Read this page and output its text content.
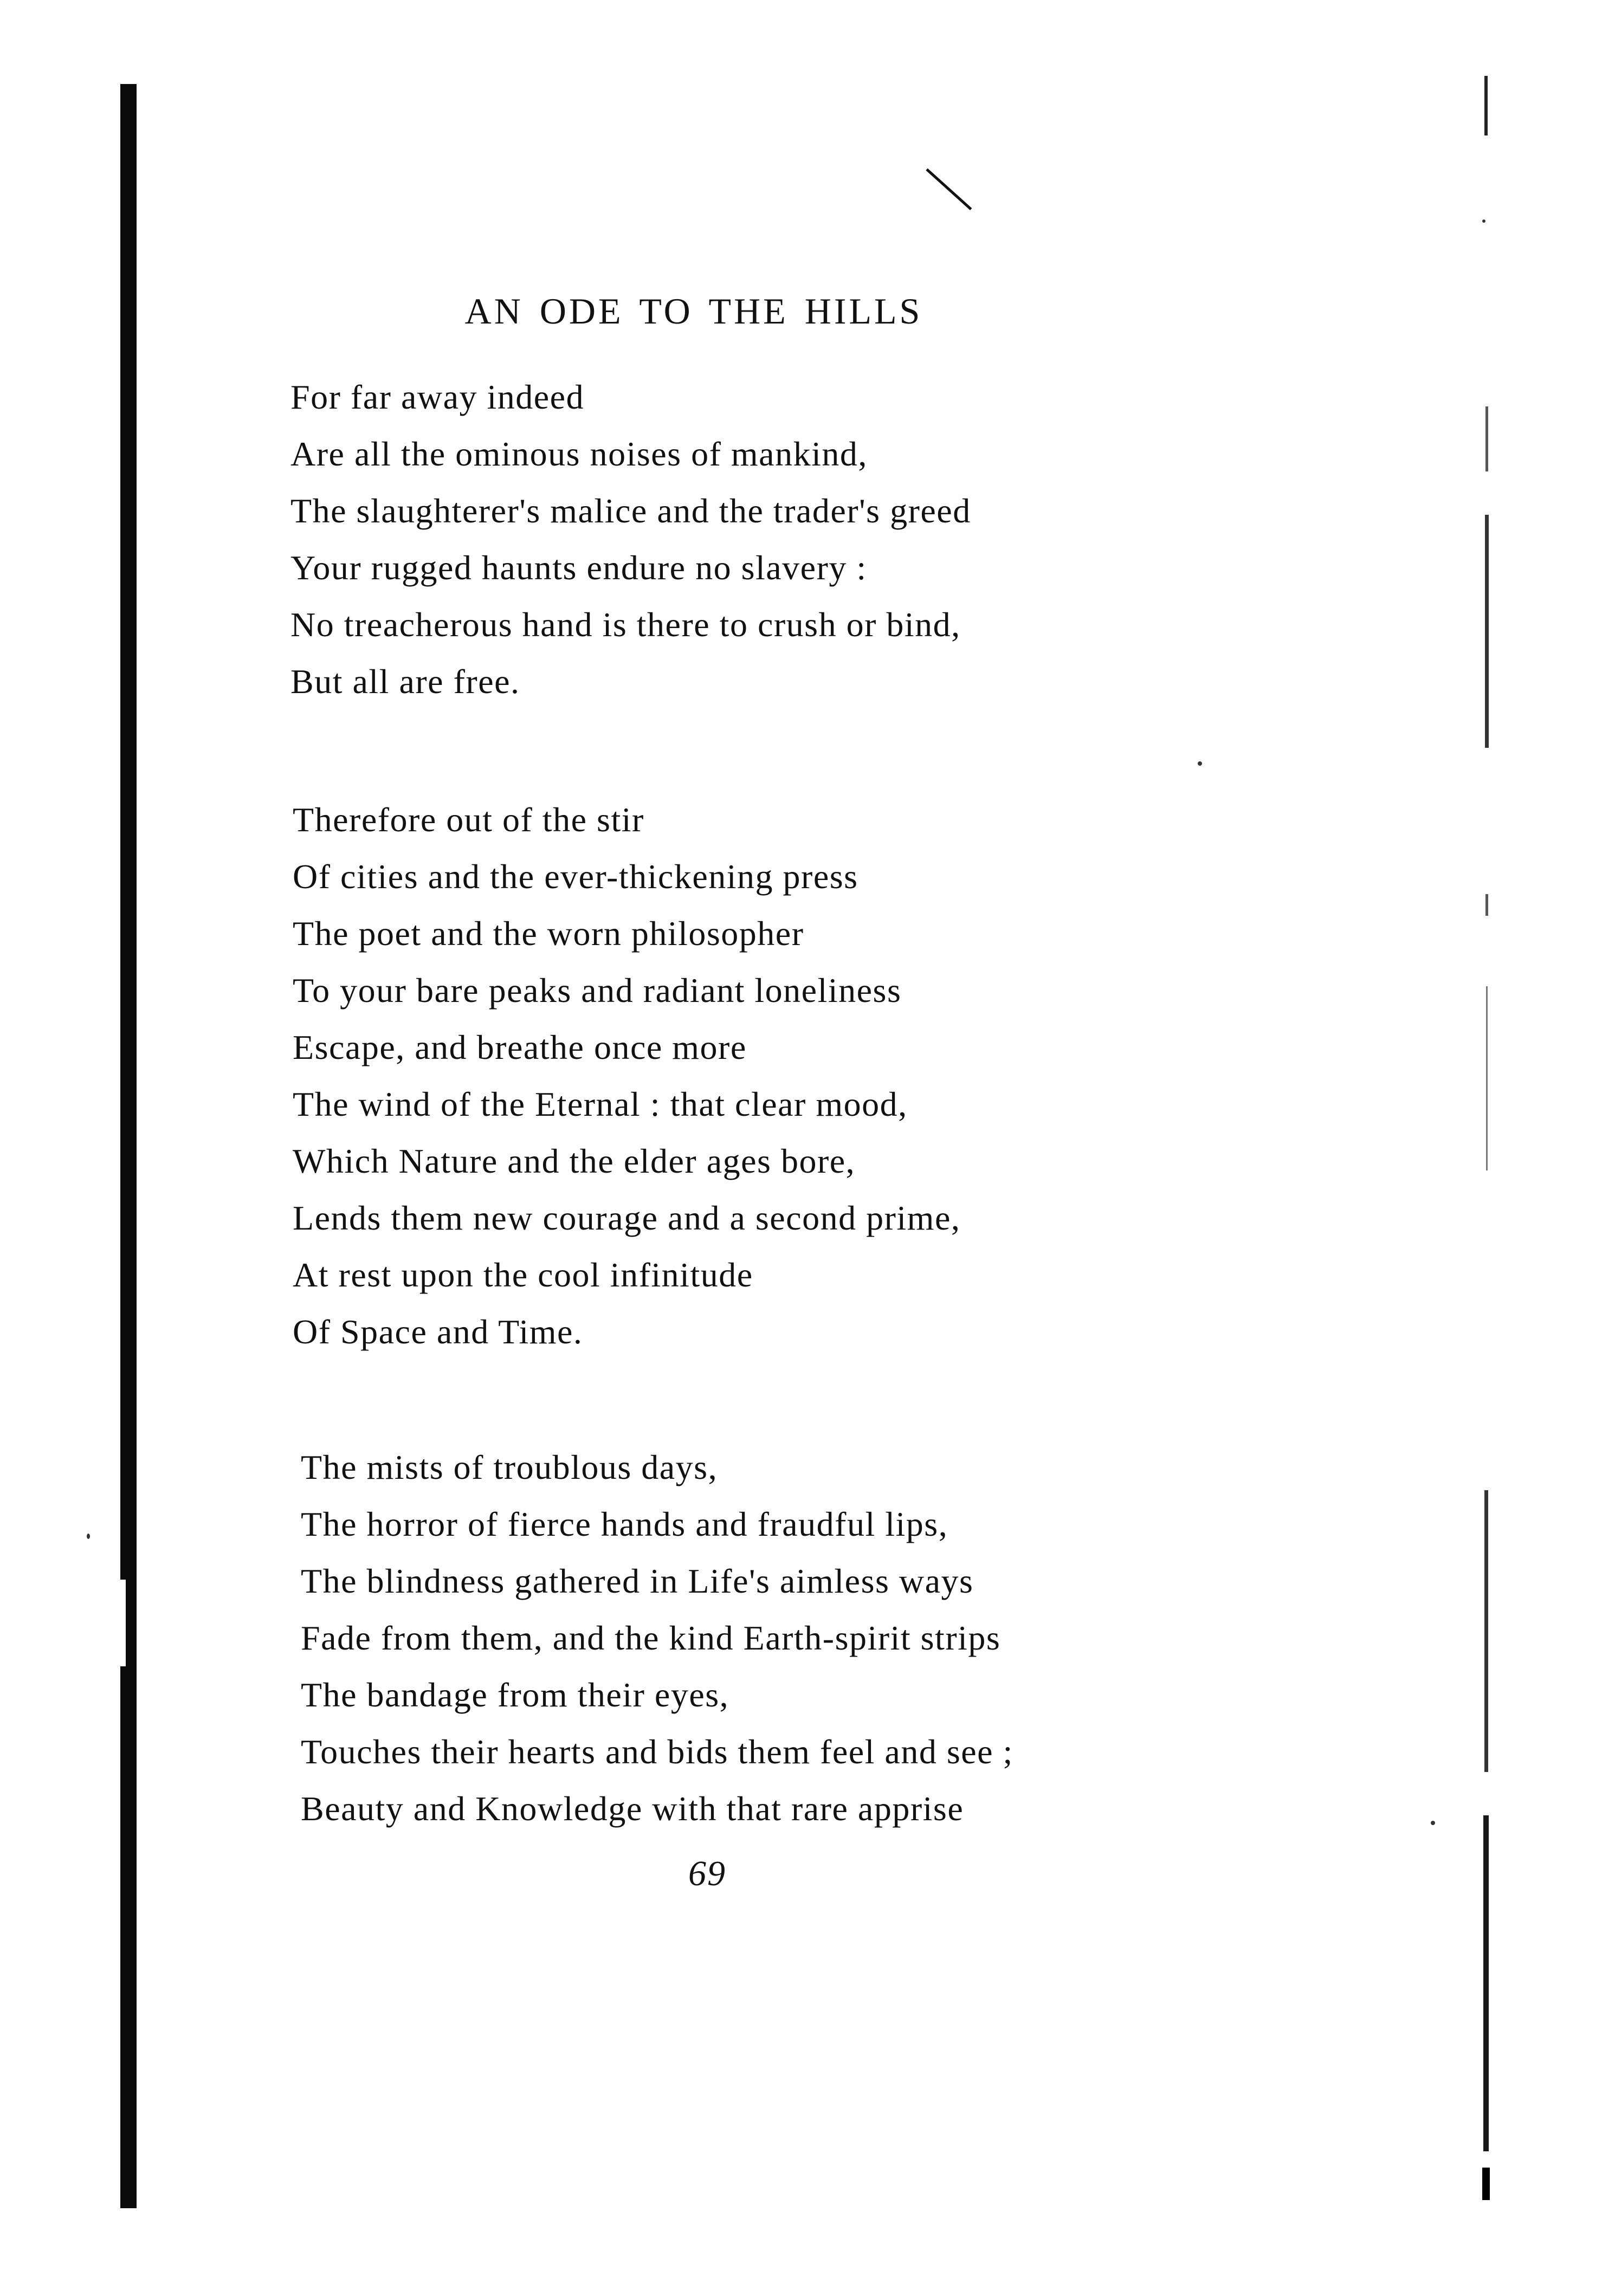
AN ODE TO THE HILLS
For far away indeed
Are all the ominous noises of mankind,
The slaughterer's malice and the trader's greed
Your rugged haunts endure no slavery :
No treacherous hand is there to crush or bind,
But all are free.
Therefore out of the stir
Of cities and the ever-thickening press
The poet and the worn philosopher
To your bare peaks and radiant loneliness
Escape, and breathe once more
The wind of the Eternal : that clear mood,
Which Nature and the elder ages bore,
Lends them new courage and a second prime,
At rest upon the cool infinitude
Of Space and Time.
The mists of troublous days,
The horror of fierce hands and fraudful lips,
The blindness gathered in Life's aimless ways
Fade from them, and the kind Earth-spirit strips
The bandage from their eyes,
Touches their hearts and bids them feel and see ;
Beauty and Knowledge with that rare apprise
69
